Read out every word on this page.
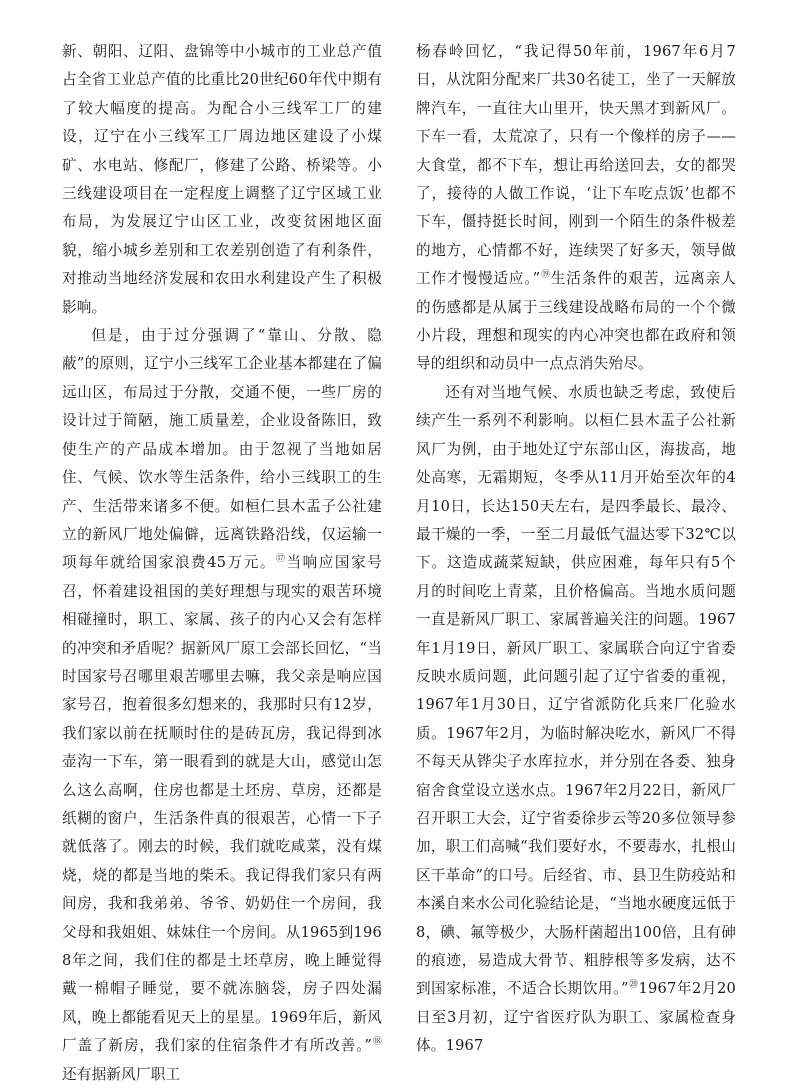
新、朝阳、辽阳、盘锦等中小城市的工业总产值占全省工业总产值的比重比20世纪60年代中期有了较大幅度的提高。为配合小三线军工厂的建设，辽宁在小三线军工厂周边地区建设了小煤矿、水电站、修配厂，修建了公路、桥梁等。小三线建设项目在一定程度上调整了辽宁区域工业布局，为发展辽宁山区工业，改变贫困地区面貌，缩小城乡差别和工农差别创造了有利条件，对推动当地经济发展和农田水利建设产生了积极影响。

但是，由于过分强调了“靠山、分散、隐蔽”的原则，辽宁小三线军工企业基本都建在了偏远山区，布局过于分散，交通不便，一些厂房的设计过于简陋，施工质量差，企业设备陈旧，致使生产的产品成本增加。由于忽视了当地如居住、气候、饮水等生活条件，给小三线职工的生产、生活带来诸多不便。如桓仁县木盂子公社建立的新风厂地处偏僻，远离铁路沿线，仅运输一项每年就给国家浪费45万元。⑰当响应国家号召，怀着建设祖国的美好理想与现实的艰苦环境相碰撞时，职工、家属、孩子的内心又会有怎样的冲突和矛盾呢？据新风厂原工会部长回忆，“当时国家号召哪里艰苦哪里去嘛，我父亲是响应国家号召，抱着很多幻想来的，我那时只有12岁，我们家以前在抚顺时住的是砖瓦房，我记得到冰壶沟一下车，第一眼看到的就是大山，感觉山怎么这么高啊，住房也都是土坯房、草房，还都是纸糊的窗户，生活条件真的很艰苦，心情一下子就低落了。刚去的时候，我们就吃咸菜，没有煤烧，烧的都是当地的柴禾。我记得我们家只有两间房，我和我弟弟、爷爷、奶奶住一个房间，我父母和我姐姐、妹妹住一个房间。从1965到1968年之间，我们住的都是土坯草房，晚上睡觉得戴一棉帽子睡觉，要不就冻脑袋，房子四处漏风，晚上都能看见天上的星星。1969年后，新风厂盖了新房，我们家的住宿条件才有所改善。”⑱还有据新风厂职工

杨春岭回忆，“我记得50年前，1967年6月7日，从沈阳分配来厂共30名徒工，坐了一天解放牌汽车，一直往大山里开，快天黑才到新风厂。下车一看，太荒凉了，只有一个像样的房子——大食堂，都不下车，想让再给送回去，女的都哭了，接待的人做工作说，‘让下车吃点饭’也都不下车，僵持挺长时间，刚到一个陌生的条件极差的地方，心情都不好，连续哭了好多天，领导做工作才慢慢适应。”⑲生活条件的艰苦，远离亲人的伤感都是从属于三线建设战略布局的一个个微小片段，理想和现实的内心冲突也都在政府和领导的组织和动员中一点点消失殆尽。

还有对当地气候、水质也缺乏考虑，致使后续产生一系列不利影响。以桓仁县木盂子公社新风厂为例，由于地处辽宁东部山区，海拔高，地处高寒，无霜期短，冬季从11月开始至次年的4月10日，长达150天左右，是四季最长、最冷、最干燥的一季，一至二月最低气温达零下32℃以下。这造成蔬菜短缺，供应困难，每年只有5个月的时间吃上青菜，且价格偏高。当地水质问题一直是新风厂职工、家属普遍关注的问题。1967年1月19日，新风厂职工、家属联合向辽宁省委反映水质问题，此问题引起了辽宁省委的重视，1967年1月30日，辽宁省派防化兵来厂化验水质。1967年2月，为临时解决吃水，新风厂不得不每天从铧尖子水库拉水，并分别在各委、独身宿舍食堂设立送水点。1967年2月22日，新风厂召开职工大会，辽宁省委徐步云等20多位领导参加，职工们高喊“我们要好水，不要毒水，扎根山区干革命”的口号。后经省、市、县卫生防疫站和本溪自来水公司化验结论是，“当地水硬度远低于8，碘、氟等极少，大肠杆菌超出100倍，且有砷的痕迹，易造成大骨节、粗脖根等多发病，达不到国家标准，不适合长期饮用。”⑳1967年2月20日至3月初，辽宁省医疗队为职工、家属检查身体。1967
